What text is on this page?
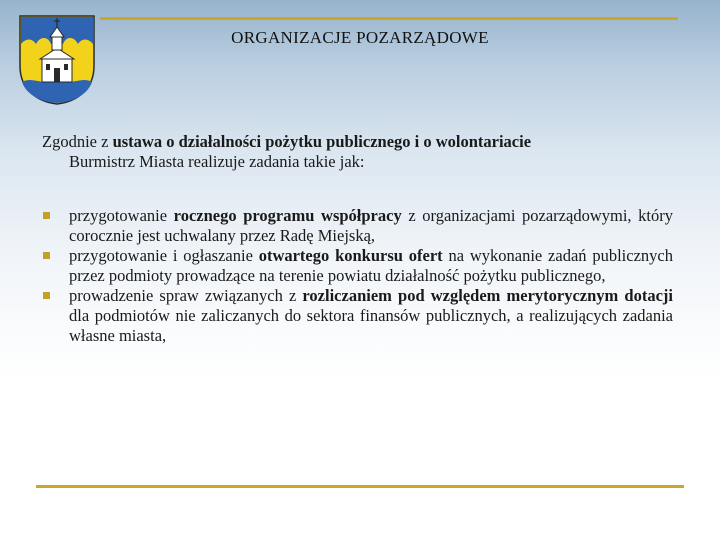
ORGANIZACJE POZARZĄDOWE
Zgodnie z ustawa o działalności pożytku publicznego i o wolontariacie
Burmistrz Miasta realizuje zadania takie jak:
przygotowanie rocznego programu współpracy z organizacjami pozarządowymi, który corocznie jest uchwalany przez Radę Miejską,
przygotowanie i ogłaszanie otwartego konkursu ofert na wykonanie zadań publicznych przez podmioty prowadzące na terenie powiatu działalność pożytku publicznego,
prowadzenie spraw związanych z rozliczaniem pod względem merytorycznym dotacji dla podmiotów nie zaliczanych do sektora finansów publicznych, a realizujących zadania własne miasta,
